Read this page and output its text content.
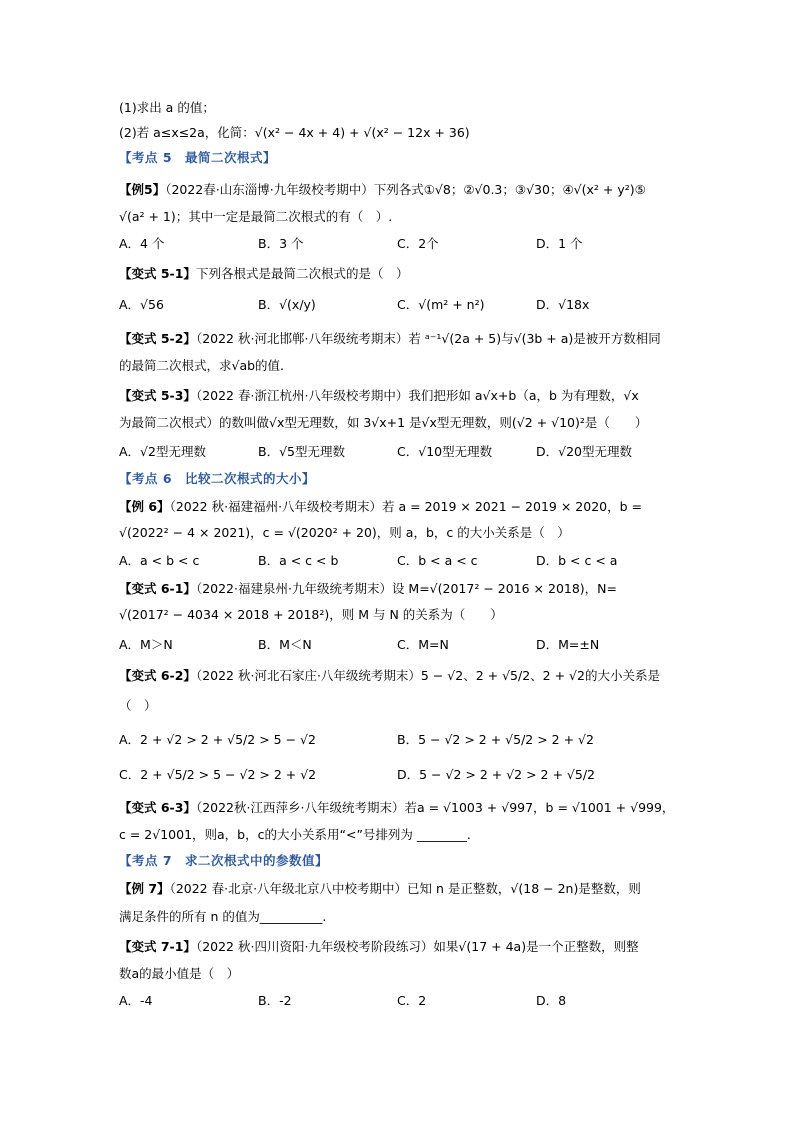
(1)求出 a 的值；
(2)若 a≤x≤2a，化简：√(x² − 4x + 4) + √(x² − 12x + 36)
【考点 5　最简二次根式】
【例5】（2022春·山东淄博·九年级校考期中）下列各式①√8；②√0.3；③√30；④√(x² + y²)⑤
√(a² + 1)；其中一定是最简二次根式的有（　）.
A．4 个	B．3 个	C．2个	D．1 个
【变式 5-1】下列各根式是最简二次根式的是（　）
A．√56	B．√(x/y)	C．√(m² + n²)	D．√18x
【变式 5-2】（2022 秋·河北邯郸·八年级统考期末）若 ᵃ⁻¹√(2a + 5)与√(3b + a)是被开方数相同
的最简二次根式，求√ab的值.
【变式 5-3】（2022 春·浙江杭州·八年级校考期中）我们把形如 a√x+b（a，b 为有理数，√x
为最简二次根式）的数叫做√x型无理数，如 3√x+1 是√x型无理数，则(√2 + √10)²是（　　）
A．√2型无理数	B．√5型无理数	C．√10型无理数	D．√20型无理数
【考点 6　比较二次根式的大小】
【例 6】（2022 秋·福建福州·八年级校考期末）若 a = 2019 × 2021 − 2019 × 2020，b =
√(2022² − 4 × 2021)，c = √(2020² + 20)，则 a，b，c 的大小关系是（　）
A．a < b < c	B．a < c < b	C．b < a < c	D．b < c < a
【变式 6-1】（2022·福建泉州·九年级统考期末）设 M=√(2017² − 2016 × 2018)，N=
√(2017² − 4034 × 2018 + 2018²)，则 M 与 N 的关系为（　　）
A．M＞N	B．M＜N	C．M=N	D．M=±N
【变式 6-2】（2022 秋·河北石家庄·八年级统考期末）5 − √2、2 + √5/2、2 + √2的大小关系是
（　）
A．2 + √2 > 2 + √5/2 > 5 − √2	B．5 − √2 > 2 + √5/2 > 2 + √2
C．2 + √5/2 > 5 − √2 > 2 + √2	D．5 − √2 > 2 + √2 > 2 + √5/2
【变式 6-3】（2022秋·江西萍乡·八年级统考期末）若a = √1003 + √997，b = √1001 + √999，
c = 2√1001，则a，b，c的大小关系用“<”号排列为 ________.
【考点 7　求二次根式中的参数值】
【例 7】（2022 春·北京·八年级北京八中校考期中）已知 n 是正整数，√(18 − 2n)是整数，则
满足条件的所有 n 的值为__________.
【变式 7-1】（2022 秋·四川资阳·九年级校考阶段练习）如果√(17 + 4a)是一个正整数，则整
数a的最小值是（　）
A．-4	B．-2	C．2	D．8
